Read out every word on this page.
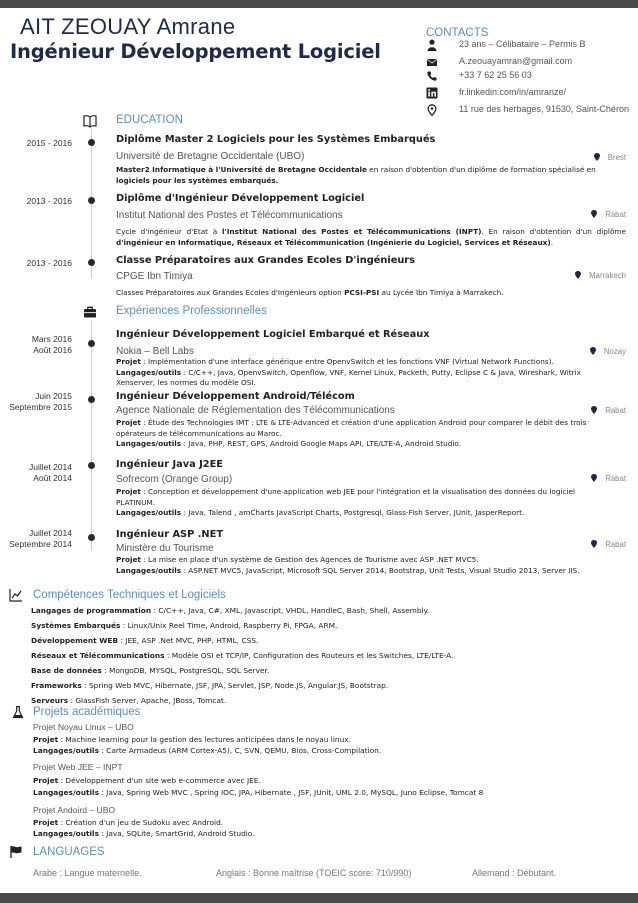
AIT ZEOUAY Amrane
Ingénieur Développement Logiciel
CONTACTS
23 ans – Célibataire – Permis B
A.zeouayamran@gmail.com
+33 7 62 25 56 03
fr.linkedin.com/in/amranze/
11 rue des herbages, 91530, Saint-Chéron
EDUCATION
2015 - 2016	Diplôme Master 2 Logiciels pour les Systèmes Embarqués
Université de Bretagne Occidentale (UBO)	Brest
Master2 Informatique à l'Université de Bretagne Occidentale en raison d'obtention d'un diplôme de formation spécialisé en
logiciels pour les systèmes embarqués.
2013 - 2016	Diplôme d'Ingénieur Développement Logiciel
Institut National des Postes et Télécommunications	Rabat
Cycle d'ingénieur d'Etat à l'Institut National des Postes et Télécommunications (INPT). En raison d'obtention d'un diplôme d'ingénieur en Informatique, Réseaux et Télécommunication (Ingénierie du Logiciel, Services et Réseaux).
2013 - 2016	Classe Préparatoires aux Grandes Ecoles D'ingénieurs
CPGE Ibn Timiya	Marrakech
Classes Préparatoires aux Grandes Ecoles d'Ingénieurs option PCSI-PSI au Lycée Ibn Timiya à Marrakech.
Expériences Professionnelles
Mars 2016
Août 2016
Ingénieur Développement Logiciel Embarqué et Réseaux
Nokia – Bell Labs	Nozay
Projet : Implémentation d'une interface générique entre OpenvSwitch et les fonctions VNF (Virtual Network Functions).
Langages/outils : C/C++, Java, OpenvSwitch, Openflow, VNF, Kernel Linux, Packeth, Putty, Eclipse C & Java, Wireshark, Witrix
Xenserver, les normes du modèle OSI.
Juin 2015
Septembre 2015
Ingénieur Développement Android/Télécom
Agence Nationale de Réglementation des Télécommunications	Rabat
Projet : Étude des Technologies IMT : LTE & LTE-Advanced et création d'une application Android pour comparer le débit des trois
opérateurs de télécommunications au Maroc.
Langages/outils : Java, PHP, REST, GPS, Android Google Maps API, LTE/LTE-A, Android Studio.
Juillet 2014
Août 2014
Ingénieur Java J2EE
Sofrecom (Orange Group)	Rabat
Projet : Conception et développement d'une application web JEE pour l'intégration et la visualisation des données du logiciel
PLATINUM.
Langages/outils : Java, Talend , amCharts JavaScript Charts, Postgresql, Glass-Fish Server, JUnit, JasperReport.
Juillet 2014
Septembre 2014
Ingénieur ASP .NET
Ministère du Tourisme	Rabat
Projet : La mise en place d'un système de Gestion des Agences de Tourisme avec ASP .NET MVC5.
Langages/outils : ASP.NET MVC5, JavaScript, Microsoft SQL Server 2014, Bootstrap, Unit Tests, Visual Studio 2013, Server IIS.
Compétences Techniques et Logiciels
Langages de programmation : C/C++, Java, C#, XML, Javascript, VHDL, HandleC, Bash, Shell, Assembly.
Systèmes Embarqués : Linux/Unix Reel Time, Android, Raspberry Pi, FPGA, ARM.
Développement WEB : JEE, ASP .Net MVC, PHP, HTML, CSS.
Réseaux et Télécommunications : Modèle OSI et TCP/IP, Configuration des Routeurs et les Switches, LTE/LTE-A.
Base de données : MongoDB, MYSQL, PostgreSQL, SQL Server.
Frameworks : Spring Web MVC, Hibernate, JSF, JPA, Servlet, JSP, Node.JS, Angular.JS, Bootstrap.
Serveurs : GlassFish Server, Apache, JBoss, Tomcat.
Projets académiques
Projet Noyau Linux – UBO
Projet : Machine learning pour la gestion des lectures anticipées dans le noyau linux.
Langages/outils : Carte Armadeus (ARM Cortex-A5), C, SVN, QEMU, Bios, Cross-Compilation.
Projet Web JEE – INPT
Projet : Développement d'un site web e-commerce avec JEE.
Langages/outils : Java, Spring Web MVC , Spring IOC, JPA, Hibernate , JSF, JUnit, UML 2.0, MySQL, Juno Eclipse, Tomcat 8
Projet Andoird – UBO
Projet : Création d'un jeu de Sudoku avec Android.
Langages/outils : Java, SQLite, SmartGrid, Android Studio.
LANGUAGES
Arabe : Langue maternelle.	Anglais : Bonne maîtrise (TOEIC score: 710/990)	Allemand : Débutant.
